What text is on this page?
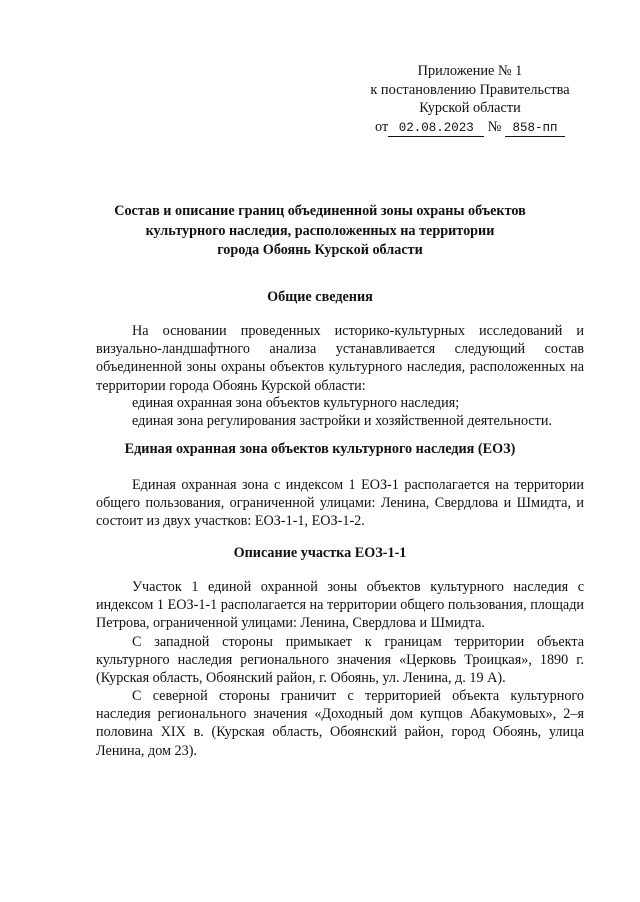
Приложение № 1
к постановлению Правительства
Курской области
от 02.08.2023 № 858-пп
Состав и описание границ объединенной зоны охраны объектов
культурного наследия, расположенных на территории
города Обоянь Курской области
Общие сведения
На основании проведенных историко-культурных исследований и визуально-ландшафтного анализа устанавливается следующий состав объединенной зоны охраны объектов культурного наследия, расположенных на территории города Обоянь Курской области:
единая охранная зона объектов культурного наследия;
единая зона регулирования застройки и хозяйственной деятельности.
Единая охранная зона объектов культурного наследия (ЕОЗ)
Единая охранная зона с индексом 1 ЕОЗ-1 располагается на территории общего пользования, ограниченной улицами: Ленина, Свердлова и Шмидта, и состоит из двух участков: ЕОЗ-1-1, ЕОЗ-1-2.
Описание участка ЕОЗ-1-1
Участок 1 единой охранной зоны объектов культурного наследия с индексом 1 ЕОЗ-1-1 располагается на территории общего пользования, площади Петрова, ограниченной улицами: Ленина, Свердлова и Шмидта.
С западной стороны примыкает к границам территории объекта культурного наследия регионального значения «Церковь Троицкая», 1890 г. (Курская область, Обоянский район, г. Обоянь, ул. Ленина, д. 19 А).
С северной стороны граничит с территорией объекта культурного наследия регионального значения «Доходный дом купцов Абакумовых», 2–я половина XIX в. (Курская область, Обоянский район, город Обоянь, улица Ленина, дом 23).
